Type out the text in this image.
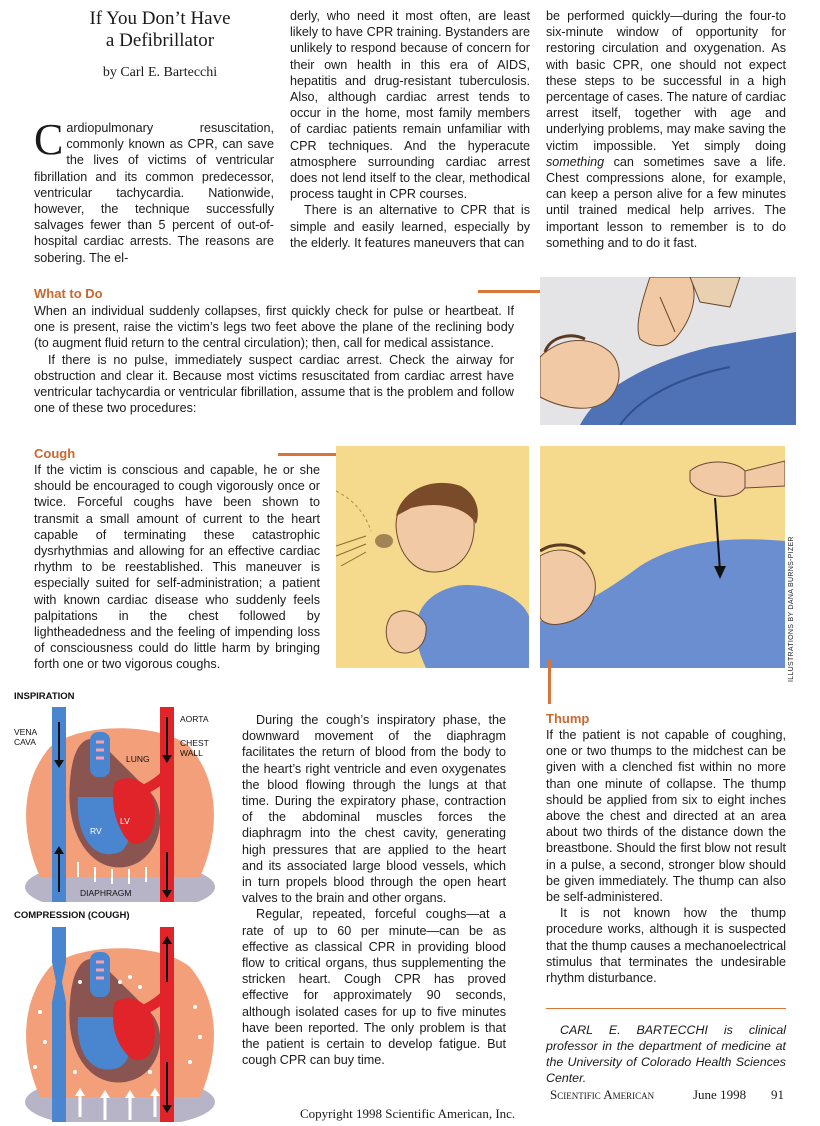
If You Don’t Have
a Defibrillator
by Carl E. Bartecchi
C ardiopulmonary resuscitation, commonly known as CPR, can save the lives of victims of ventricular fibrillation and its common predecessor, ventricular tachycardia. Nationwide, however, the technique successfully salvages fewer than 5 percent of out-of-hospital cardiac arrests. The reasons are sobering. The el-

derly, who need it most often, are least likely to have CPR training. Bystanders are unlikely to respond because of concern for their own health in this era of AIDS, hepatitis and drug-resistant tuberculosis. Also, although cardiac arrest tends to occur in the home, most family members of cardiac patients remain unfamiliar with CPR techniques. And the hyperacute atmosphere surrounding cardiac arrest does not lend itself to the clear, methodical process taught in CPR courses.

There is an alternative to CPR that is simple and easily learned, especially by the elderly. It features maneuvers that can

be performed quickly—during the four-to six-minute window of opportunity for restoring circulation and oxygenation. As with basic CPR, one should not expect these steps to be successful in a high percentage of cases. The nature of cardiac arrest itself, together with age and underlying problems, may make saving the victim impossible. Yet simply doing something can sometimes save a life. Chest compressions alone, for example, can keep a person alive for a few minutes until trained medical help arrives. The important lesson to remember is to do something and to do it fast.
What to Do

When an individual suddenly collapses, first quickly check for pulse or heartbeat. If one is present, raise the victim’s legs two feet above the plane of the reclining body (to augment fluid return to the central circulation); then, call for medical assistance.

If there is no pulse, immediately suspect cardiac arrest. Check the airway for obstruction and clear it. Because most victims resuscitated from cardiac arrest have ventricular tachycardia or ventricular fibrillation, assume that is the problem and follow one of these two procedures:

Cough

If the victim is conscious and capable, he or she should be encouraged to cough vigorously once or twice. Forceful coughs have been shown to transmit a small amount of current to the heart capable of terminating these catastrophic dysrhythmias and allowing for an effective cardiac rhythm to be reestablished. This maneuver is especially suited for self-administration; a patient with known cardiac disease who suddenly feels palpitations in the chest followed by lightheadedness and the feeling of impending loss of consciousness could do little harm by bringing forth one or two vigorous coughs.	ILLUSTRATIONS BY DANA BURNS-PIZER
INSPIRATION
VENA
CAVA
AORTA
CHEST
WALL
LUNG
RV
LV
DIAPHRAGM
COMPRESSION (COUGH)

During the cough’s inspiratory phase, the downward movement of the diaphragm facilitates the return of blood from the body to the heart’s right ventricle and even oxygenates the blood flowing through the lungs at that time. During the expiratory phase, contraction of the abdominal muscles forces the diaphragm into the chest cavity, generating high pressures that are applied to the heart and its associated large blood vessels, which in turn propels blood through the open heart valves to the brain and other organs.

Regular, repeated, forceful coughs—at a rate of up to 60 per minute—can be as effective as classical CPR in providing blood flow to critical organs, thus supplementing the stricken heart. Cough CPR has proved effective for approximately 90 seconds, although isolated cases for up to five minutes have been reported. The only problem is that the patient is certain to develop fatigue. But cough CPR can buy time.

Thump

If the patient is not capable of coughing, one or two thumps to the midchest can be given with a clenched fist within no more than one minute of collapse. The thump should be applied from six to eight inches above the chest and directed at an area about two thirds of the distance down the breastbone. Should the first blow not result in a pulse, a second, stronger blow should be given immediately. The thump can also be self-administered.

It is not known how the thump procedure works, although it is suspected that the thump causes a mechanoelectrical stimulus that terminates the undesirable rhythm disturbance.

CARL E. BARTECCHI is clinical professor in the department of medicine at the University of Colorado Health Sciences Center.
Scientific American	June 1998 91
Copyright 1998 Scientific American, Inc.
